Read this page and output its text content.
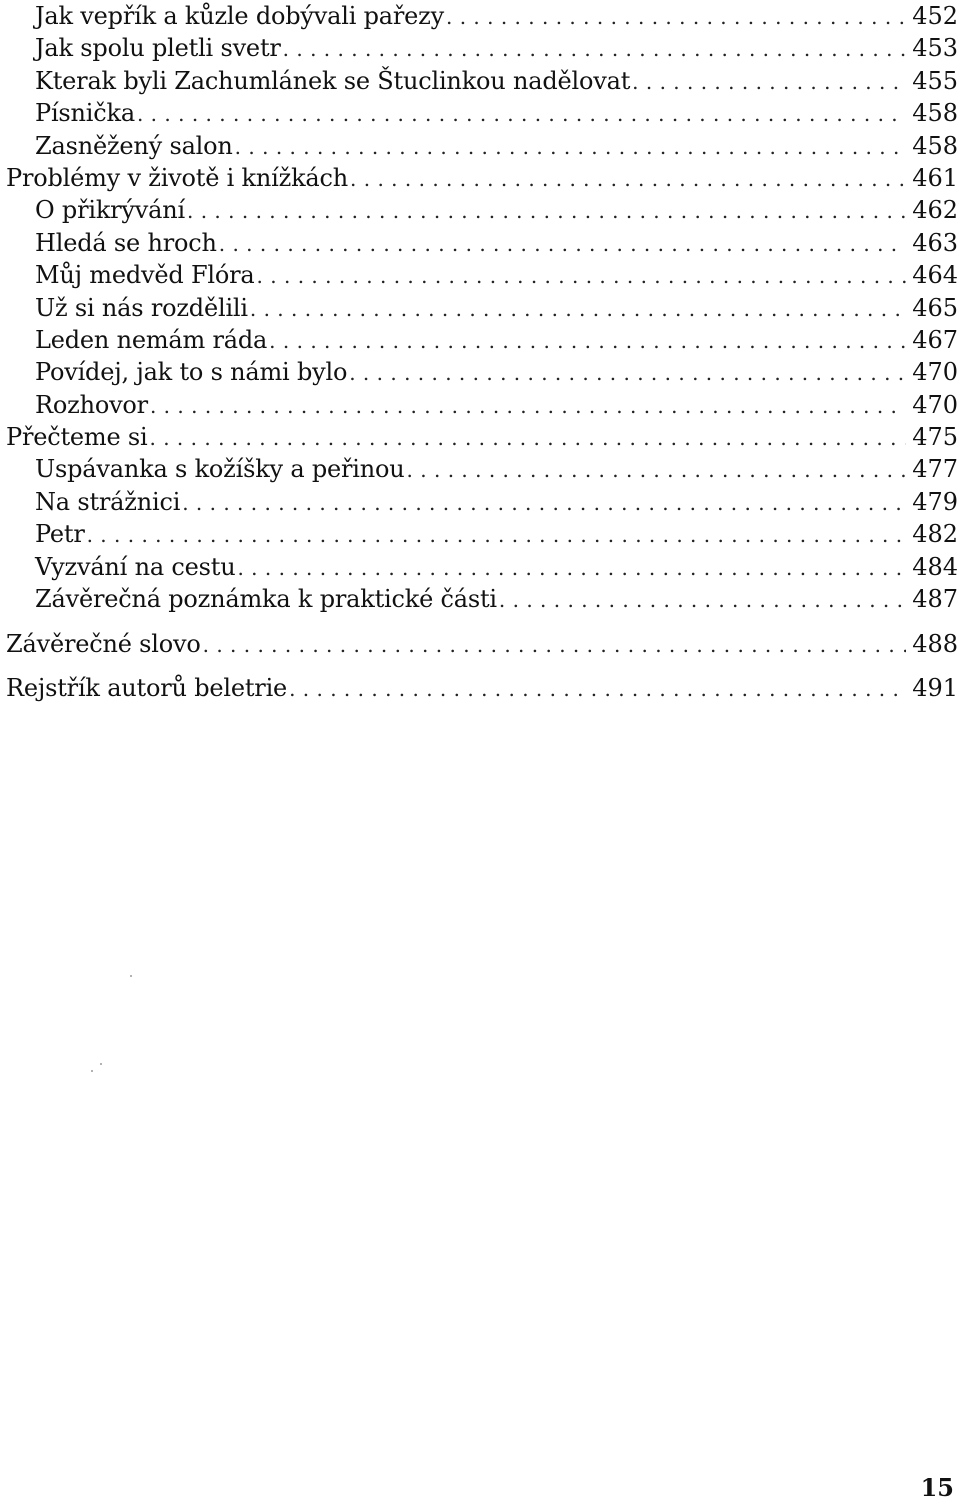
Jak vepřík a kůzle dobývali pařezy . . .	452
Jak spolu pletli svetr . . .	453
Kterak byli Zachumlánek se Štuclinkou nadělovat . . .	455
Písnička . . .	458
Zasněžený salon . . .	458
Problémy v životě i knížkách . . .	461
O přikrývání . . .	462
Hledá se hroch . . .	463
Můj medvěd Flóra . . .	464
Už si nás rozdělili . . .	465
Leden nemám ráda . . .	467
Povídej, jak to s námi bylo . . .	470
Rozhovor . . .	470
Přečteme si . . .	475
Uspávanka s kožíšky a peřinou . . .	477
Na strážnici . . .	479
Petr . . .	482
Vyzvání na cestu . . .	484
Závěrečná poznámka k praktické části . . .	487
Závěrečné slovo . . .	488
Rejstřík autorů beletrie . . .	491
15
